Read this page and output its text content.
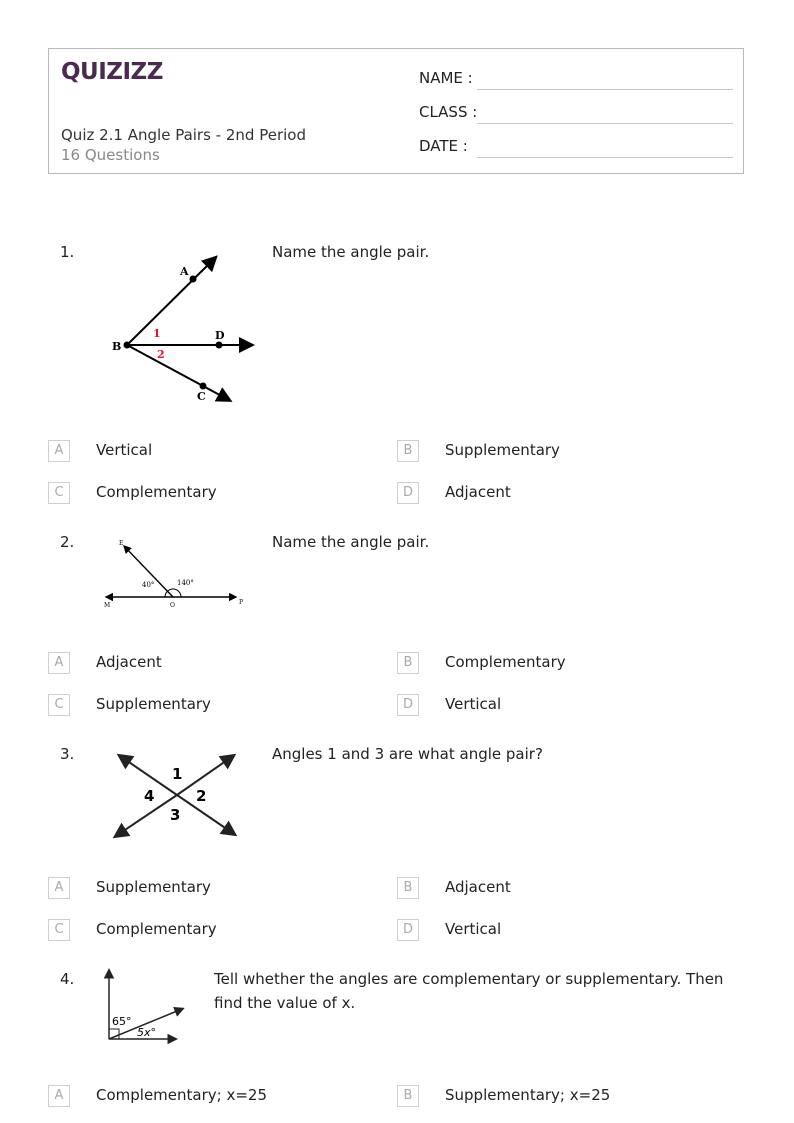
QUIZIZZ
Quiz 2.1 Angle Pairs - 2nd Period
16 Questions
NAME :
CLASS :
DATE :
1.
A
B
C
D
1
2
Name the angle pair.
A	Vertical	B	Supplementary
C	Complementary	D	Adjacent
2.	E
M	O	P
40°	140°
Name the angle pair.
A	Adjacent	B	Complementary
C	Supplementary	D	Vertical
3.
1
2
3
4
Angles 1 and 3 are what angle pair?
A	Supplementary	B	Adjacent
C	Complementary	D	Vertical
4.
65°
5x°
Tell whether the angles are complementary or supplementary. Then
find the value of x.
A	Complementary; x=25	B	Supplementary; x=25
